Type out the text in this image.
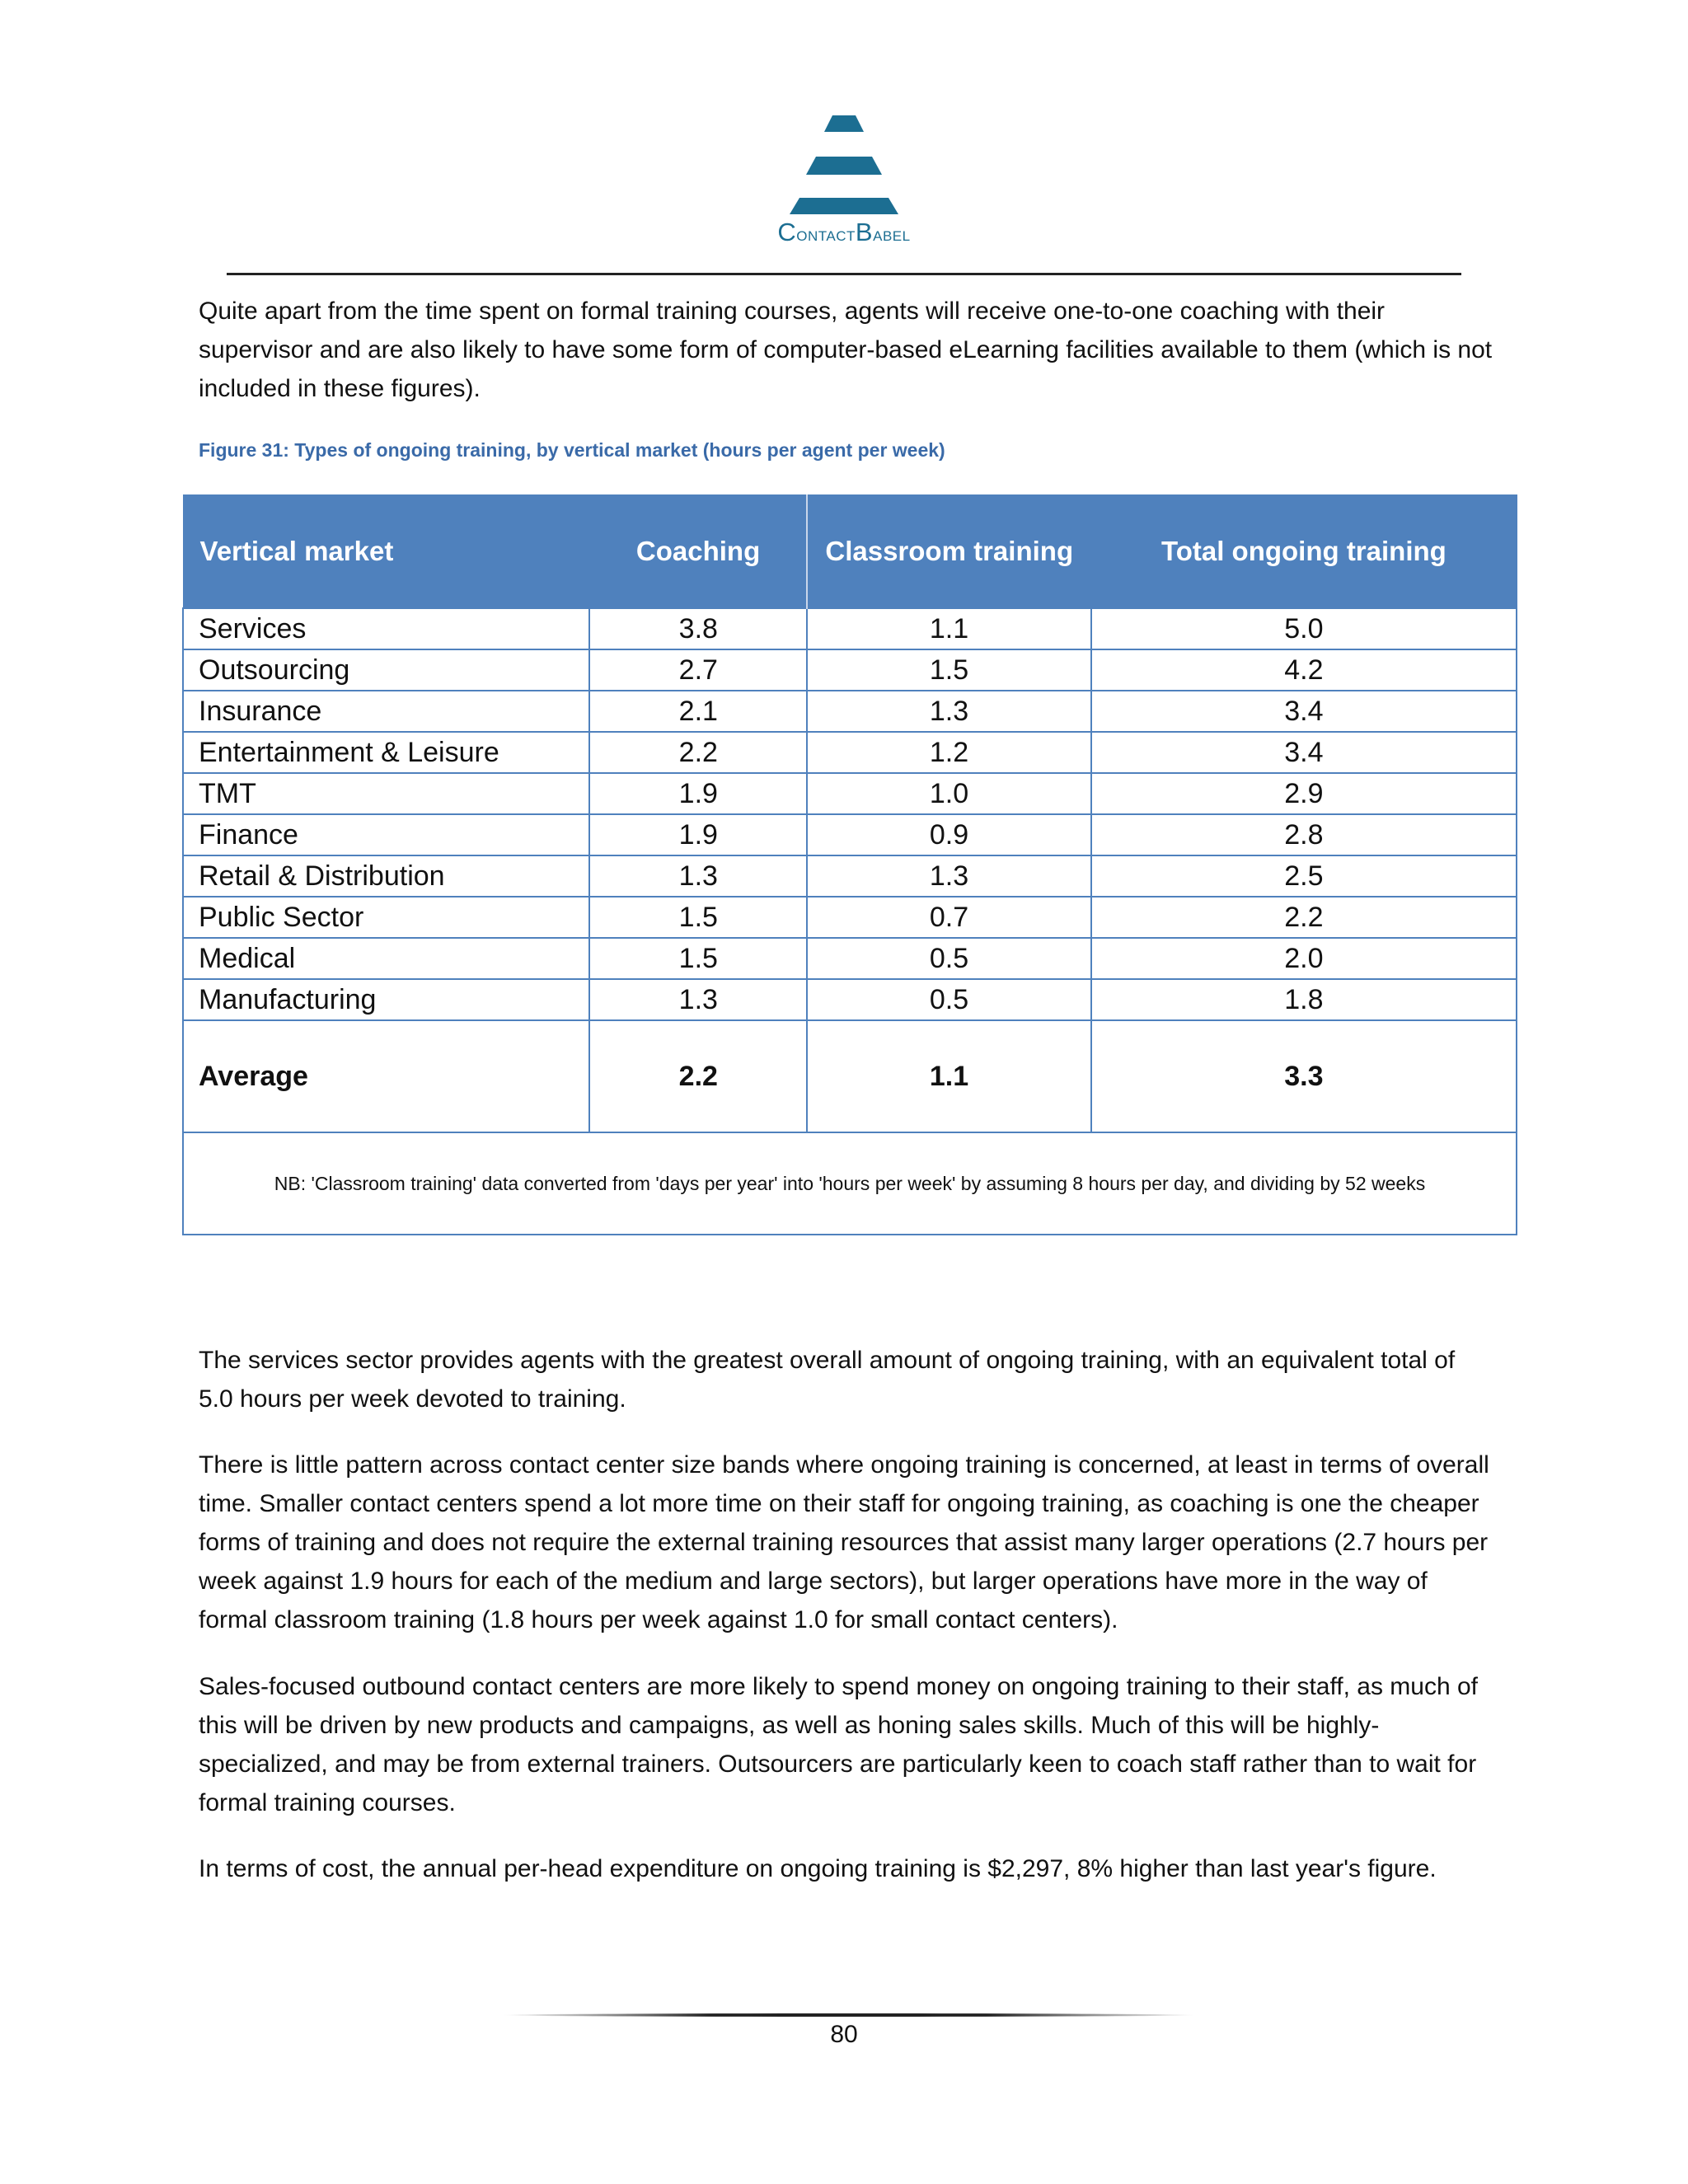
ContactBabel

Quite apart from the time spent on formal training courses, agents will receive one-to-one coaching with their supervisor and are also likely to have some form of computer-based eLearning facilities available to them (which is not included in these figures).

Figure 31: Types of ongoing training, by vertical market (hours per agent per week)
Vertical market	Coaching	Classroom training	Total ongoing training
Services	3.8	1.1	5.0
Outsourcing	2.7	1.5	4.2
Insurance	2.1	1.3	3.4
Entertainment & Leisure	2.2	1.2	3.4
TMT	1.9	1.0	2.9
Finance	1.9	0.9	2.8
Retail & Distribution	1.3	1.3	2.5
Public Sector	1.5	0.7	2.2
Medical	1.5	0.5	2.0
Manufacturing	1.3	0.5	1.8
Average	2.2	1.1	3.3
NB: 'Classroom training' data converted from 'days per year' into 'hours per week' by assuming 8 hours per day, and dividing by 52 weeks			

The services sector provides agents with the greatest overall amount of ongoing training, with an equivalent total of 5.0 hours per week devoted to training.

There is little pattern across contact center size bands where ongoing training is concerned, at least in terms of overall time. Smaller contact centers spend a lot more time on their staff for ongoing training, as coaching is one the cheaper forms of training and does not require the external training resources that assist many larger operations (2.7 hours per week against 1.9 hours for each of the medium and large sectors), but larger operations have more in the way of formal classroom training (1.8 hours per week against 1.0 for small contact centers).

Sales-focused outbound contact centers are more likely to spend money on ongoing training to their staff, as much of this will be driven by new products and campaigns, as well as honing sales skills. Much of this will be highly-specialized, and may be from external trainers. Outsourcers are particularly keen to coach staff rather than to wait for formal training courses.

In terms of cost, the annual per-head expenditure on ongoing training is $2,297, 8% higher than last year's figure.

80
